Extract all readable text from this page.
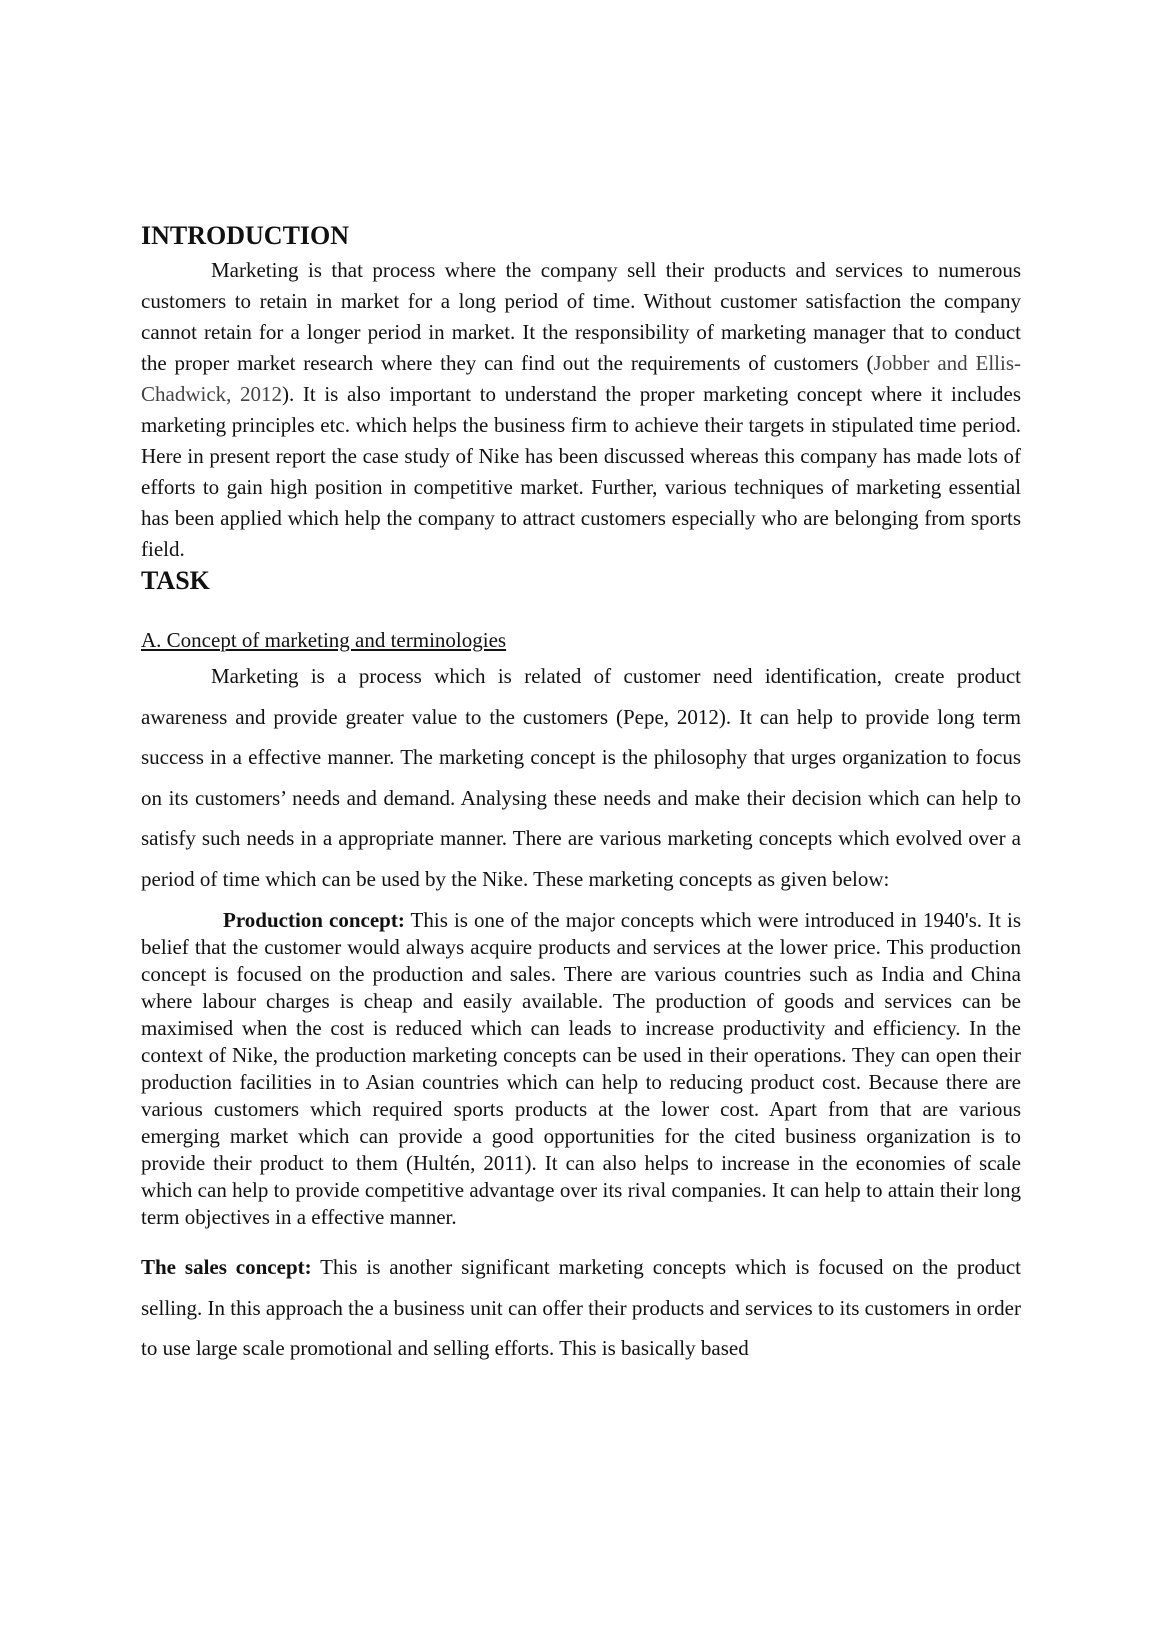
INTRODUCTION

Marketing is that process where the company sell their products and services to numerous customers to retain in market for a long period of time. Without customer satisfaction the company cannot retain for a longer period in market. It the responsibility of marketing manager that to conduct the proper market research where they can find out the requirements of customers (Jobber and Ellis-Chadwick, 2012). It is also important to understand the proper marketing concept where it includes marketing principles etc. which helps the business firm to achieve their targets in stipulated time period. Here in present report the case study of Nike has been discussed whereas this company has made lots of efforts to gain high position in competitive market. Further, various techniques of marketing essential has been applied which help the company to attract customers especially who are belonging from sports field.

TASK

A. Concept of marketing and terminologies

Marketing is a process which is related of customer need identification, create product awareness and provide greater value to the customers (Pepe, 2012). It can help to provide long term success in a effective manner. The marketing concept is the philosophy that urges organization to focus on its customers’ needs and demand. Analysing these needs and make their decision which can help to satisfy such needs in a appropriate manner. There are various marketing concepts which evolved over a period of time which can be used by the Nike. These marketing concepts as given below:

Production concept: This is one of the major concepts which were introduced in 1940's. It is belief that the customer would always acquire products and services at the lower price. This production concept is focused on the production and sales. There are various countries such as India and China where labour charges is cheap and easily available. The production of goods and services can be maximised when the cost is reduced which can leads to increase productivity and efficiency. In the context of Nike, the production marketing concepts can be used in their operations. They can open their production facilities in to Asian countries which can help to reducing product cost. Because there are various customers which required sports products at the lower cost. Apart from that are various emerging market which can provide a good opportunities for the cited business organization is to provide their product to them (Hultén, 2011). It can also helps to increase in the economies of scale which can help to provide competitive advantage over its rival companies. It can help to attain their long term objectives in a effective manner.

The sales concept: This is another significant marketing concepts which is focused on the product selling. In this approach the a business unit can offer their products and services to its customers in order to use large scale promotional and selling efforts. This is basically based
